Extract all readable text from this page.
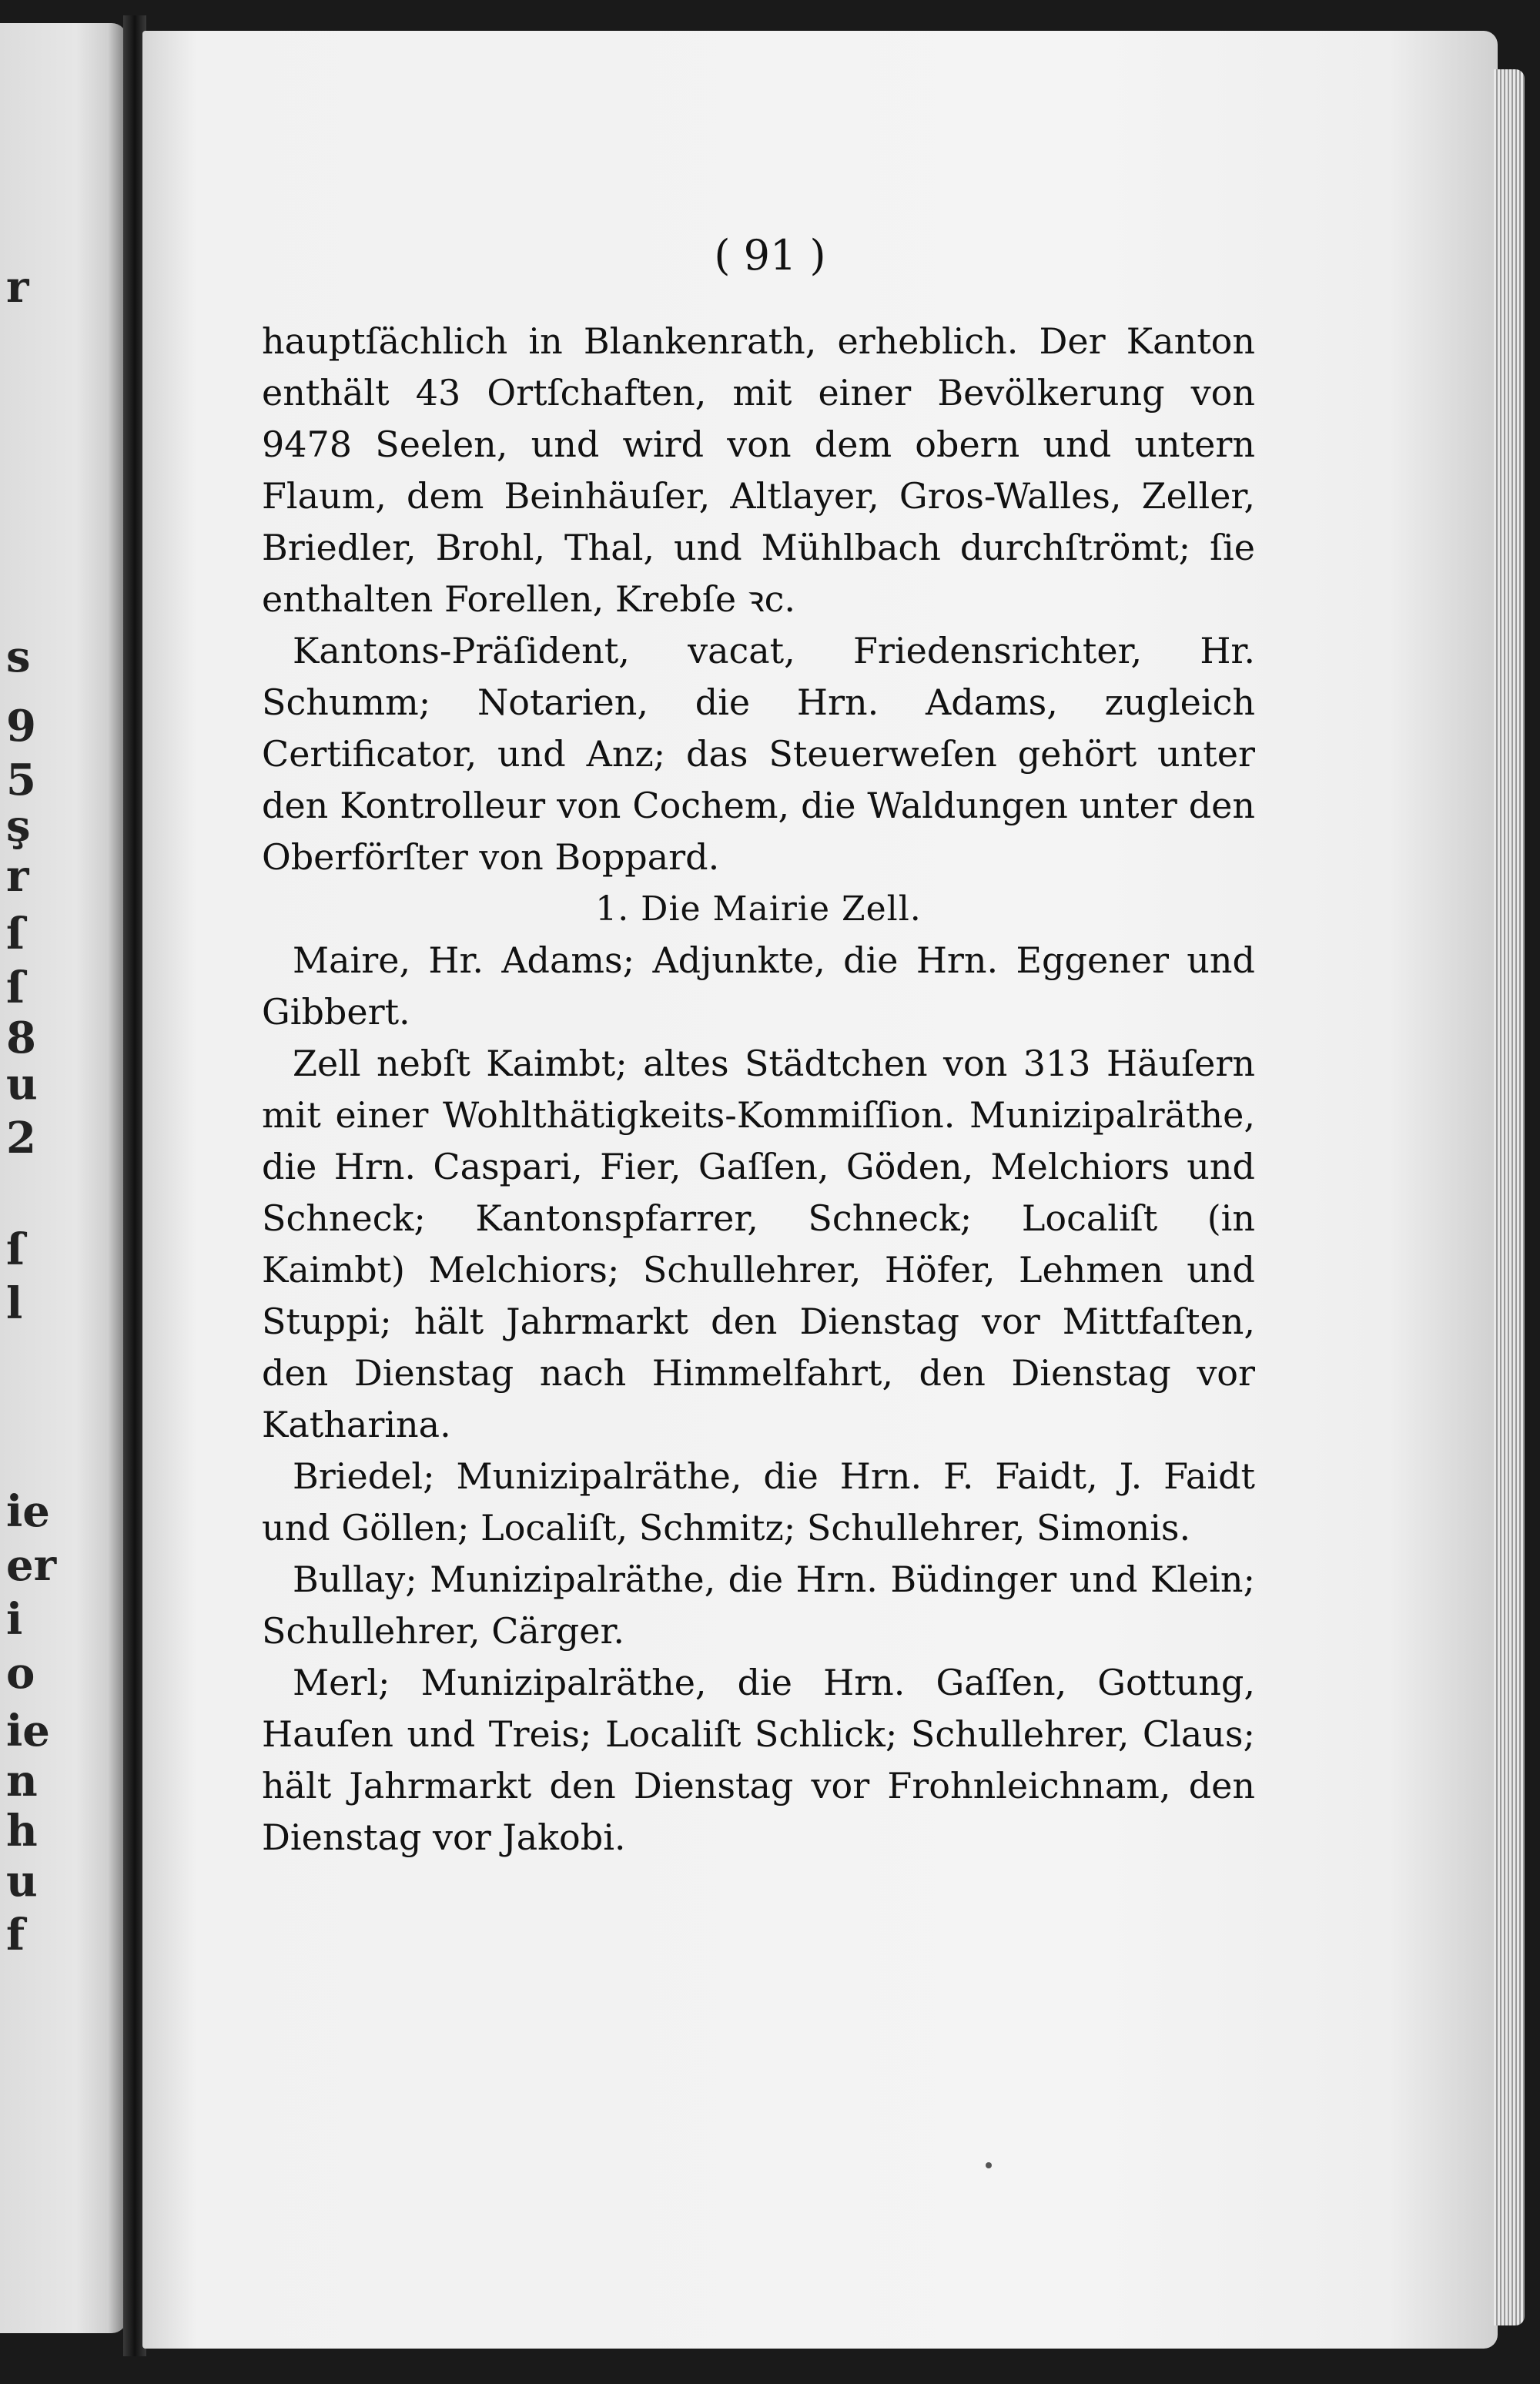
r
s
9
5
ş
r
ſ
ſ
8
u
2
ſ
l
ie
er
i
o
ie
n
h
u
f
( 91 )

hauptſächlich in Blankenrath, erheblich. Der Kanton enthält 43 Ortſchaften, mit einer Bevölkerung von 9478 Seelen, und wird von dem obern und untern Flaum, dem Beinhäuſer, Altlayer, Gros-Walles, Zeller, Briedler, Brohl, Thal, und Mühlbach durchſtrömt; ſie enthalten Forellen, Krebſe ꝛc.

Kantons-Präſident, vacat, Friedensrichter, Hr. Schumm; Notarien, die Hrn. Adams, zugleich Certificator, und Anz; das Steuerweſen gehört unter den Kontrolleur von Cochem, die Waldungen unter den Oberförſter von Boppard.

1. Die Mairie Zell.

Maire, Hr. Adams; Adjunkte, die Hrn. Eggener und Gibbert.

Zell nebſt Kaimbt; altes Städtchen von 313 Häuſern mit einer Wohlthätigkeits-Kommiſſion. Munizipalräthe, die Hrn. Caspari, Fier, Gaſſen, Göden, Melchiors und Schneck; Kantonspfarrer, Schneck; Localiſt (in Kaimbt) Melchiors; Schullehrer, Höfer, Lehmen und Stuppi; hält Jahrmarkt den Dienstag vor Mittfaſten, den Dienstag nach Himmelfahrt, den Dienstag vor Katharina.

Briedel; Munizipalräthe, die Hrn. F. Faidt, J. Faidt und Göllen; Localiſt, Schmitz; Schullehrer, Simonis.

Bullay; Munizipalräthe, die Hrn. Büdinger und Klein; Schullehrer, Cärger.

Merl; Munizipalräthe, die Hrn. Gaſſen, Gottung, Hauſen und Treis; Localiſt Schlick; Schullehrer, Claus; hält Jahrmarkt den Dienstag vor Frohnleichnam, den Dienstag vor Jakobi.
